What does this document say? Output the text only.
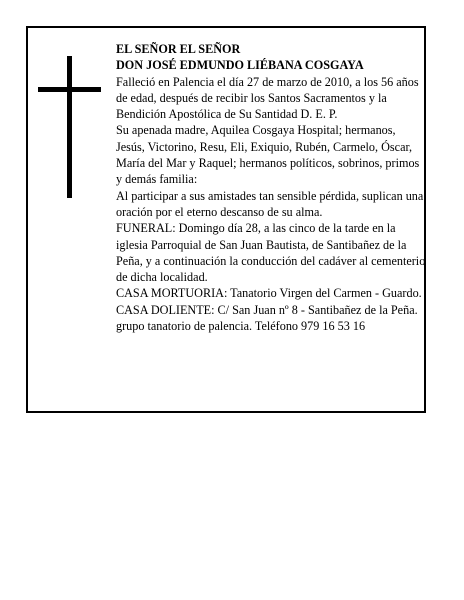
EL SEÑOR EL SEÑOR

DON JOSÉ EDMUNDO LIÉBANA COSGAYA

Falleció en Palencia el día 27 de marzo de 2010, a los 56 años de edad, después de recibir los Santos Sacramentos y la Bendición Apostólica de Su Santidad D. E. P.

Su apenada madre, Aquilea Cosgaya Hospital; hermanos, Jesús, Victorino, Resu, Eli, Exiquio, Rubén, Carmelo, Óscar, María del Mar y Raquel; hermanos políticos, sobrinos, primos y demás familia:

Al participar a sus amistades tan sensible pérdida, suplican una oración por el eterno descanso de su alma.

FUNERAL: Domingo día 28, a las cinco de la tarde en la iglesia Parroquial de San Juan Bautista, de Santibañez de la Peña, y a continuación la conducción del cadáver al cementerio de dicha localidad.

CASA MORTUORIA: Tanatorio Virgen del Carmen - Guardo.

CASA DOLIENTE: C/ San Juan nº 8 - Santibañez de la Peña.

grupo tanatorio de palencia. Teléfono 979 16 53 16
